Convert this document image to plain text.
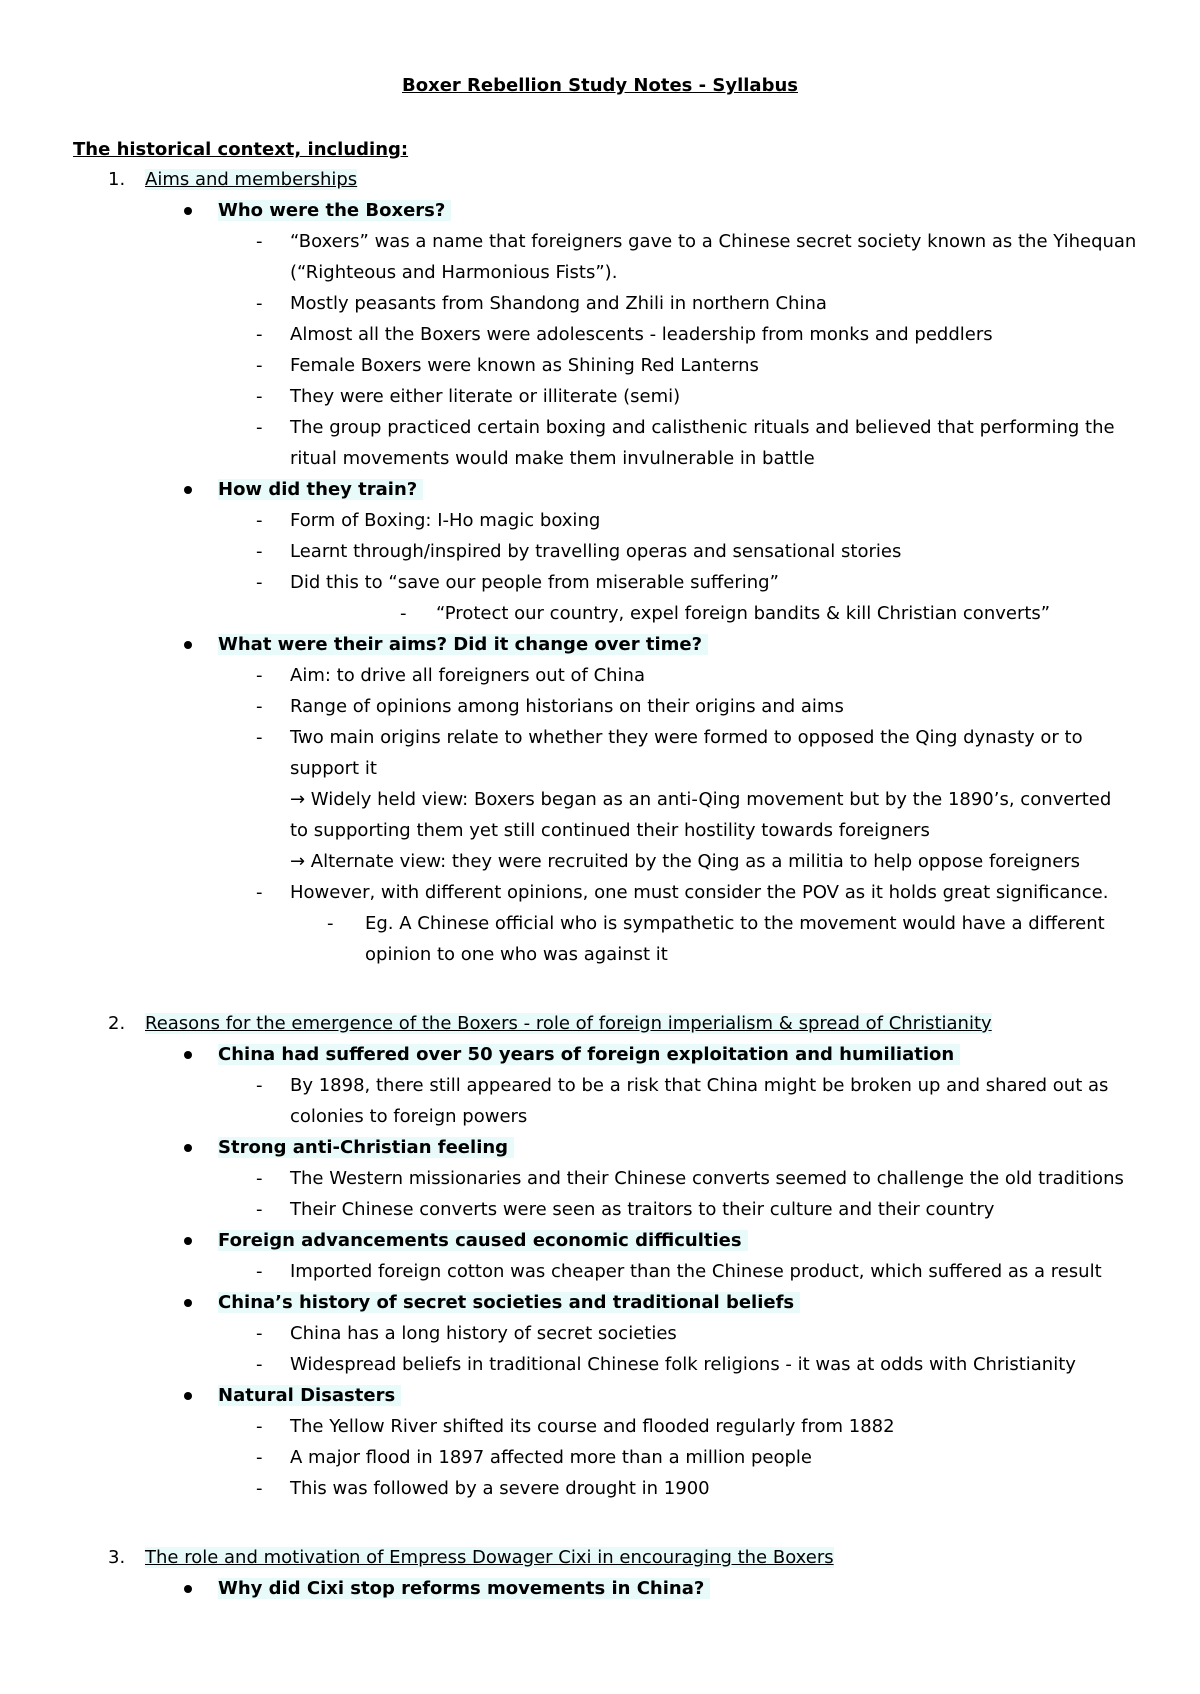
Boxer Rebellion Study Notes - Syllabus
The historical context, including:
1. Aims and memberships
Who were the Boxers?
- “Boxers” was a name that foreigners gave to a Chinese secret society known as the Yihequan
(“Righteous and Harmonious Fists”).
- Mostly peasants from Shandong and Zhili in northern China
- Almost all the Boxers were adolescents - leadership from monks and peddlers
- Female Boxers were known as Shining Red Lanterns
- They were either literate or illiterate (semi)
- The group practiced certain boxing and calisthenic rituals and believed that performing the
ritual movements would make them invulnerable in battle
How did they train?
- Form of Boxing: I-Ho magic boxing
- Learnt through/inspired by travelling operas and sensational stories
- Did this to “save our people from miserable suffering”
- “Protect our country, expel foreign bandits & kill Christian converts”
What were their aims? Did it change over time?
- Aim: to drive all foreigners out of China
- Range of opinions among historians on their origins and aims
- Two main origins relate to whether they were formed to opposed the Qing dynasty or to
support it
→ Widely held view: Boxers began as an anti-Qing movement but by the 1890’s, converted
to supporting them yet still continued their hostility towards foreigners
→ Alternate view: they were recruited by the Qing as a militia to help oppose foreigners
- However, with different opinions, one must consider the POV as it holds great significance.
- Eg. A Chinese official who is sympathetic to the movement would have a different
opinion to one who was against it
2. Reasons for the emergence of the Boxers - role of foreign imperialism & spread of Christianity
China had suffered over 50 years of foreign exploitation and humiliation
- By 1898, there still appeared to be a risk that China might be broken up and shared out as
colonies to foreign powers
Strong anti-Christian feeling
- The Western missionaries and their Chinese converts seemed to challenge the old traditions
- Their Chinese converts were seen as traitors to their culture and their country
Foreign advancements caused economic difficulties
- Imported foreign cotton was cheaper than the Chinese product, which suffered as a result
China’s history of secret societies and traditional beliefs
- China has a long history of secret societies
- Widespread beliefs in traditional Chinese folk religions - it was at odds with Christianity
Natural Disasters
- The Yellow River shifted its course and flooded regularly from 1882
- A major flood in 1897 affected more than a million people
- This was followed by a severe drought in 1900
3. The role and motivation of Empress Dowager Cixi in encouraging the Boxers
Why did Cixi stop reforms movements in China?
